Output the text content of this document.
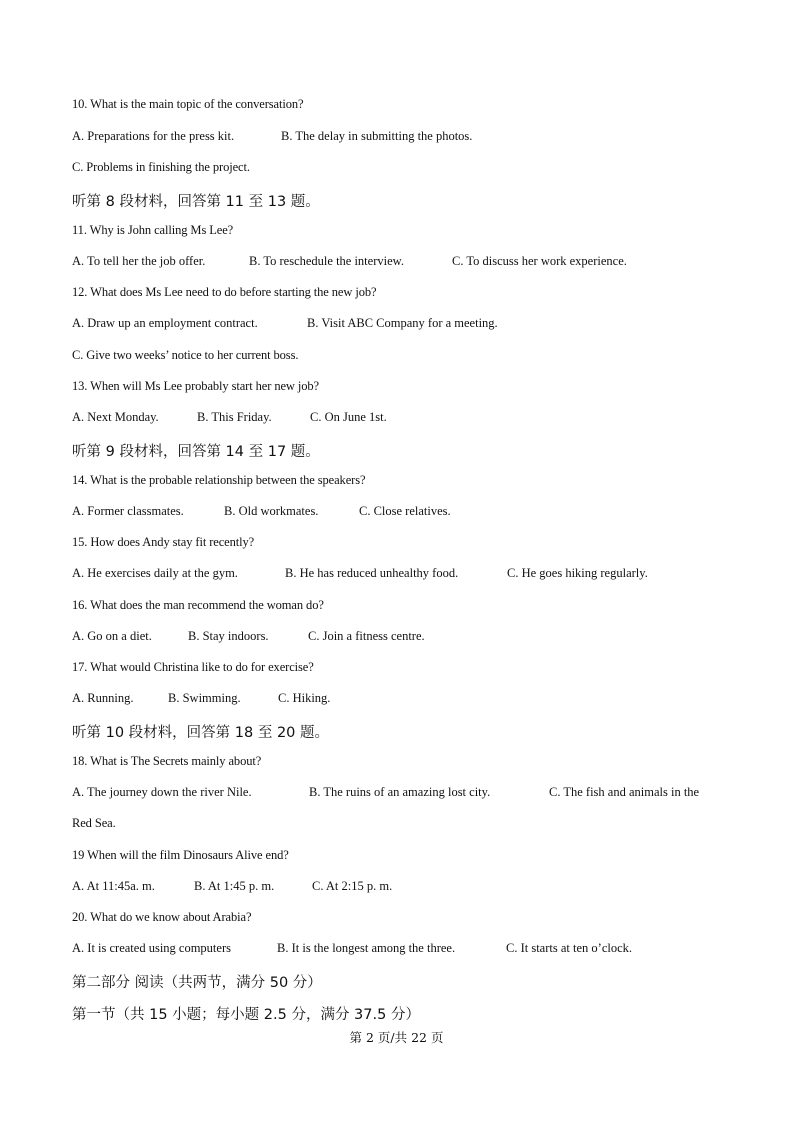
10. What is the main topic of the conversation?
A. Preparations for the press kit.	B. The delay in submitting the photos.
C. Problems in finishing the project.
听第 8 段材料，回答第 11 至 13 题。
11. Why is John calling Ms Lee?
A. To tell her the job offer.	B. To reschedule the interview.	C. To discuss her work experience.
12. What does Ms Lee need to do before starting the new job?
A. Draw up an employment contract.	B. Visit ABC Company for a meeting.
C. Give two weeks’ notice to her current boss.
13. When will Ms Lee probably start her new job?
A. Next Monday.	B. This Friday.	C. On June 1st.
听第 9 段材料，回答第 14 至 17 题。
14. What is the probable relationship between the speakers?
A. Former classmates.	B. Old workmates.	C. Close relatives.
15. How does Andy stay fit recently?
A. He exercises daily at the gym.	B. He has reduced unhealthy food.	C. He goes hiking regularly.
16. What does the man recommend the woman do?
A. Go on a diet.	B. Stay indoors.	C. Join a fitness centre.
17. What would Christina like to do for exercise?
A. Running.	B. Swimming.	C. Hiking.
听第 10 段材料，回答第 18 至 20 题。
18. What is The Secrets mainly about?
A. The journey down the river Nile.	B. The ruins of an amazing lost city.	C. The fish and animals in the
Red Sea.
19 When will the film Dinosaurs Alive end?
A. At 11:45a. m.	B. At 1:45 p. m.	C. At 2:15 p. m.
20. What do we know about Arabia?
A. It is created using computers	B. It is the longest among the three.	C. It starts at ten o’clock.
第二部分 阅读（共两节，满分 50 分）
第一节（共 15 小题；每小题 2.5 分，满分 37.5 分）
第 2 页/共 22 页
